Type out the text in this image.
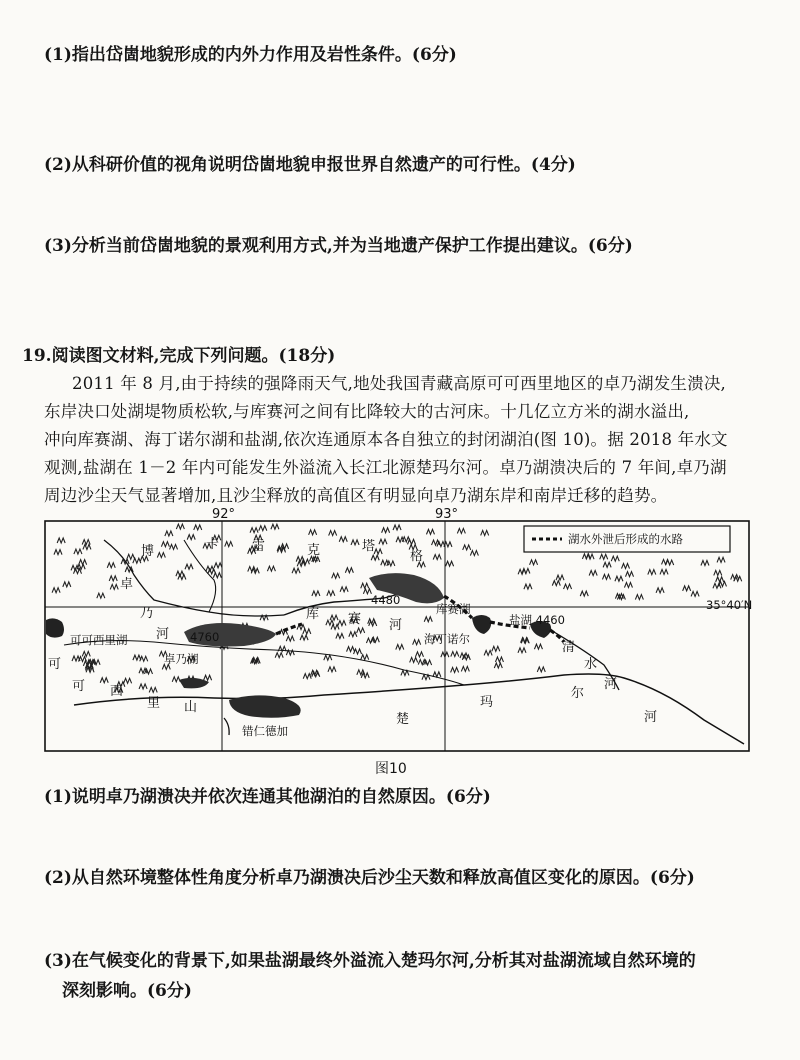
(1)指出岱崮地貌形成的内外力作用及岩性条件。(6分)
(2)从科研价值的视角说明岱崮地貌申报世界自然遗产的可行性。(4分)
(3)分析当前岱崮地貌的景观利用方式,并为当地遗产保护工作提出建议。(6分)
19.阅读图文材料,完成下列问题。(18分)
2011 年 8 月,由于持续的强降雨天气,地处我国青藏高原可可西里地区的卓乃湖发生溃决,
东岸决口处湖堤物质松软,与库赛河之间有比降较大的古河床。十几亿立方米的湖水溢出,
冲向库赛湖、海丁诺尔湖和盐湖,依次连通原本各自独立的封闭湖泊(图 10)。据 2018 年水文
观测,盐湖在 1－2 年内可能发生外溢流入长江北源楚玛尔河。卓乃湖溃决后的 7 年间,卓乃湖
周边沙尘天气显著增加,且沙尘释放的高值区有明显向卓乃湖东岸和南岸迁移的趋势。
湖水外泄后形成的水路
92°	93°
博	卡	雷	克	塔
格
卓
乃
河
4480
库赛湖
库 赛 河
海丁诺尔
盐湖 4460
35°40′N
清
水
河
可可西里湖	4760
卓乃湖
可
可 西
里 山
错仁德加
楚
玛
尔
河
图10
(1)说明卓乃湖溃决并依次连通其他湖泊的自然原因。(6分)
(2)从自然环境整体性角度分析卓乃湖溃决后沙尘天数和释放高值区变化的原因。(6分)
(3)在气候变化的背景下,如果盐湖最终外溢流入楚玛尔河,分析其对盐湖流域自然环境的
深刻影响。(6分)
